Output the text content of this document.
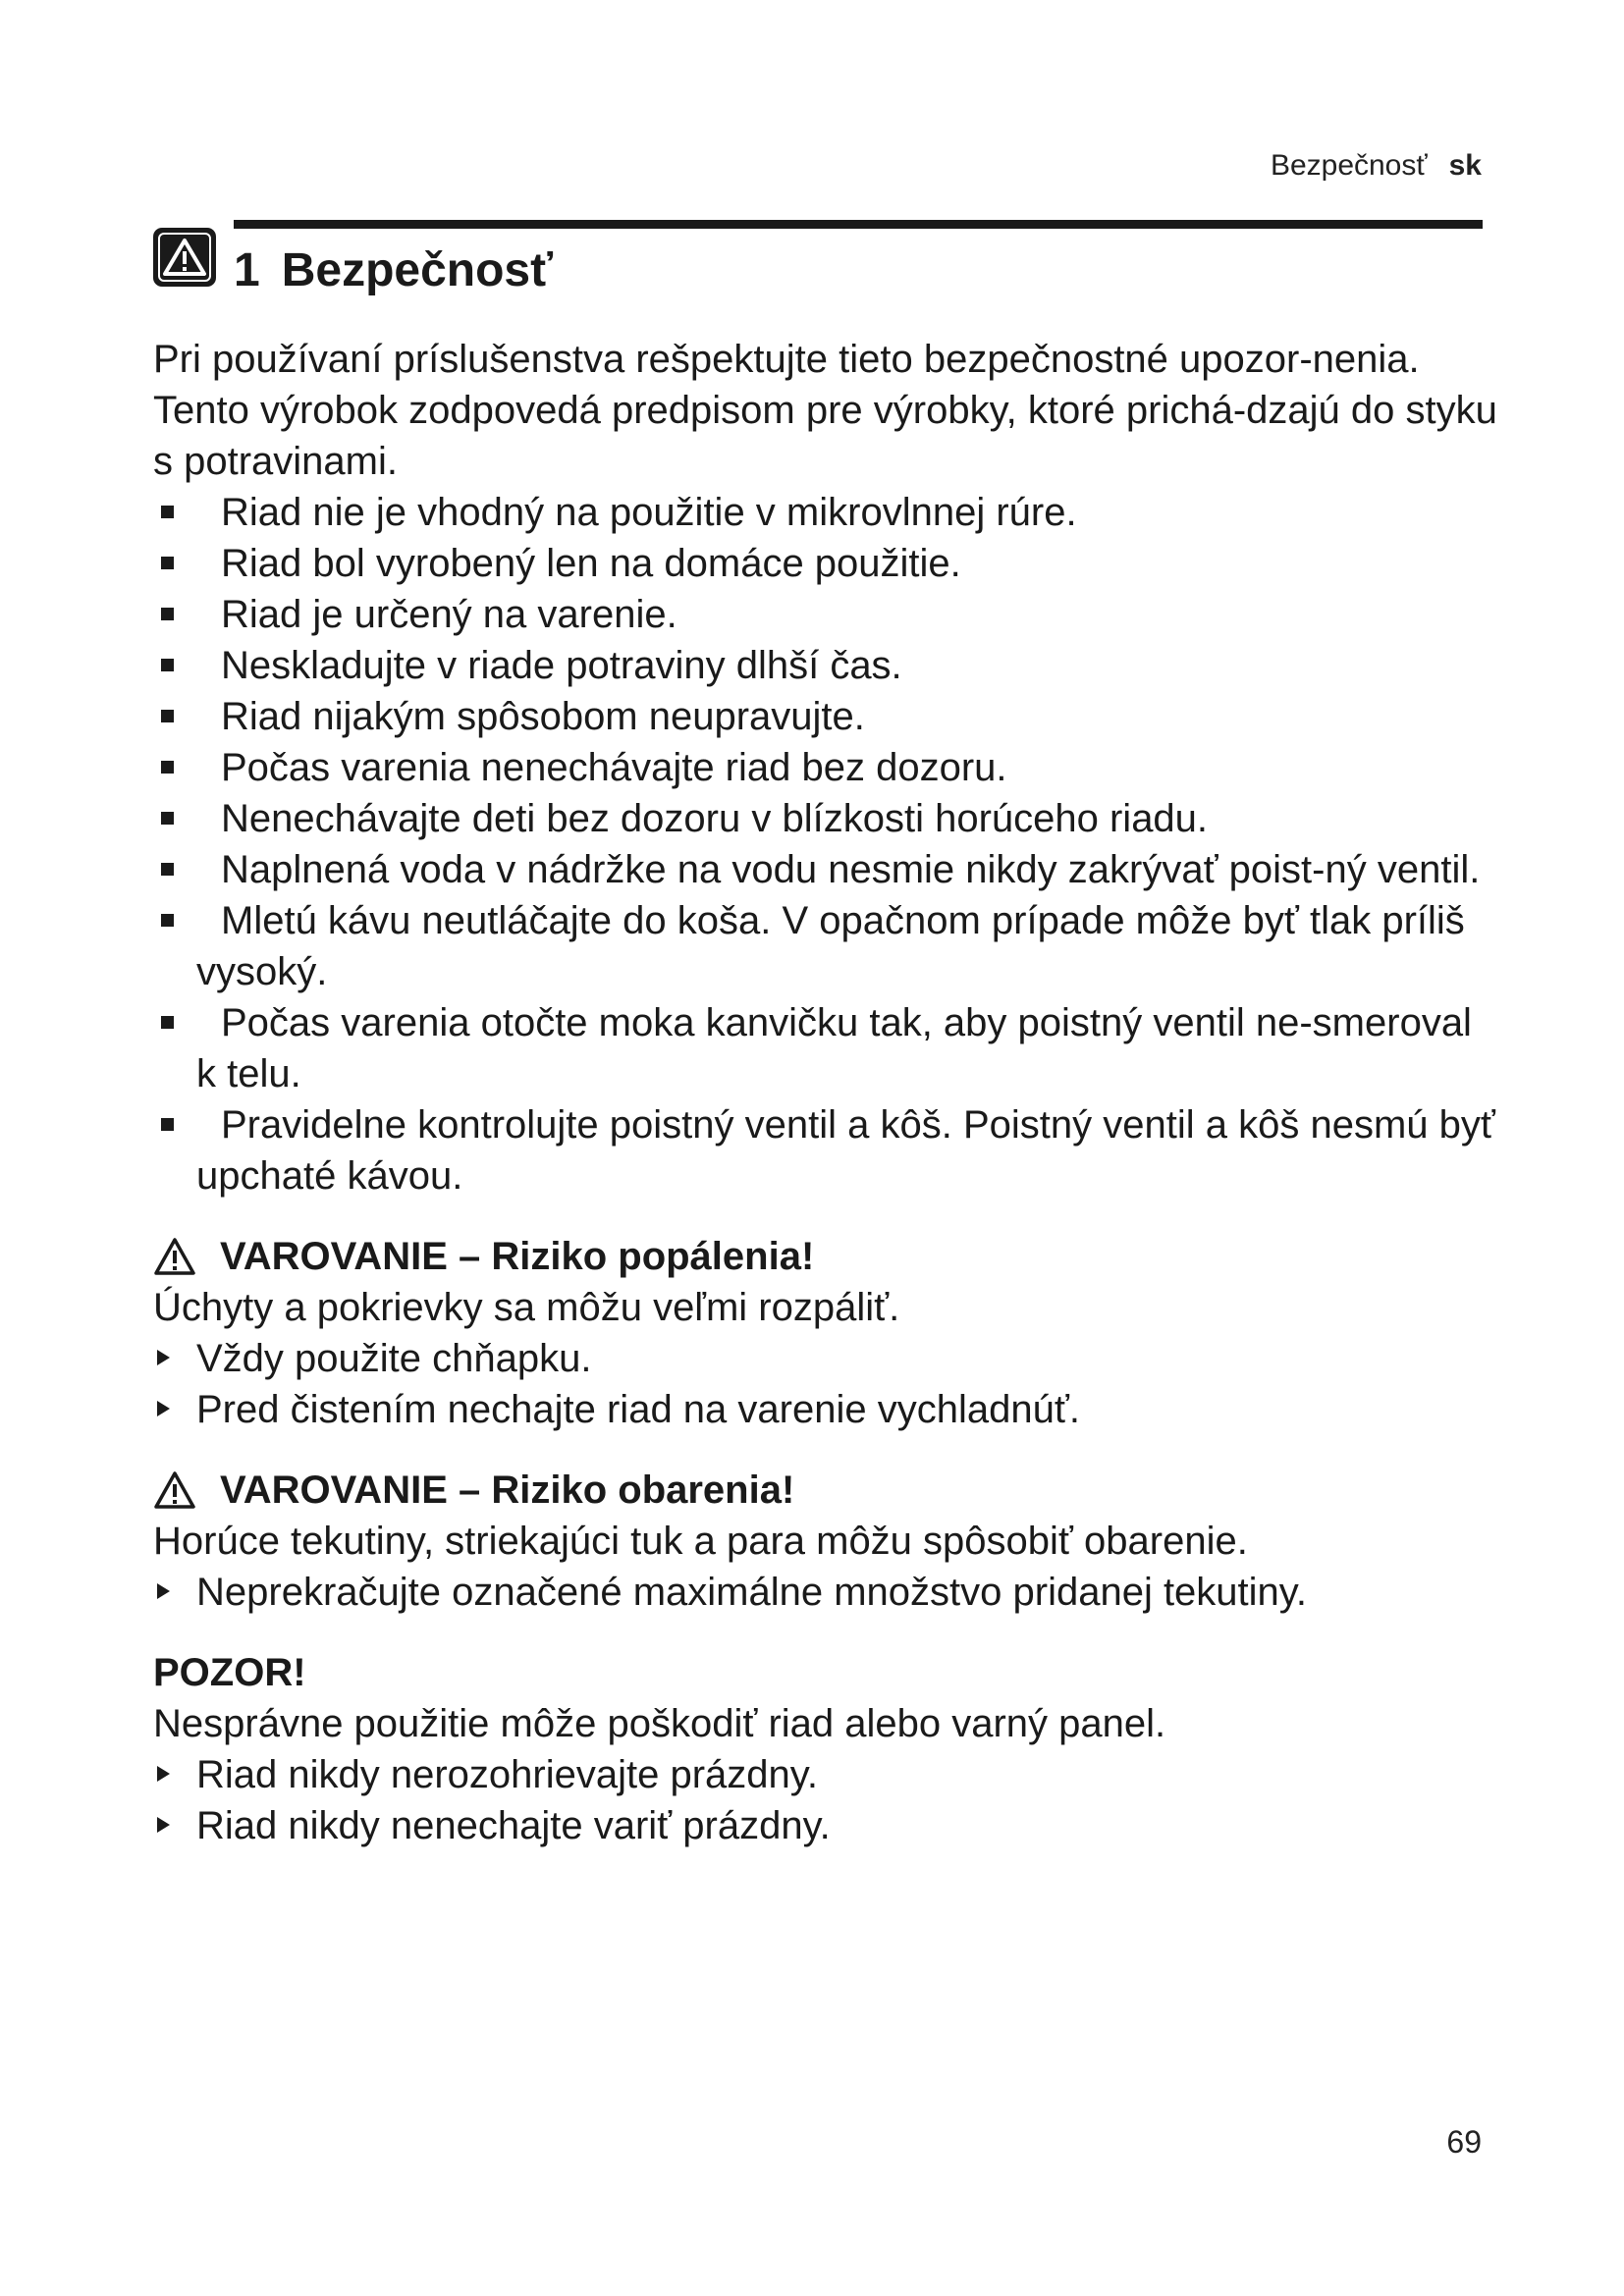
Bezpečnosť sk
1 Bezpečnosť

Pri používaní príslušenstva rešpektujte tieto bezpečnostné upozor-nenia.

Tento výrobok zodpovedá predpisom pre výrobky, ktoré prichá-dzajú do styku s potravinami.

Riad nie je vhodný na použitie v mikrovlnnej rúre.
Riad bol vyrobený len na domáce použitie.
Riad je určený na varenie.
Neskladujte v riade potraviny dlhší čas.
Riad nijakým spôsobom neupravujte.
Počas varenia nenechávajte riad bez dozoru.
Nenechávajte deti bez dozoru v blízkosti horúceho riadu.
Naplnená voda v nádržke na vodu nesmie nikdy zakrývať poist-ný ventil.
Mletú kávu neutláčajte do koša. V opačnom prípade môže byť tlak príliš vysoký.
Počas varenia otočte moka kanvičku tak, aby poistný ventil ne-smeroval k telu.
Pravidelne kontrolujte poistný ventil a kôš. Poistný ventil a kôš nesmú byť upchaté kávou.
VAROVANIE – Riziko popálenia!

Úchyty a pokrievky sa môžu veľmi rozpáliť.

Vždy použite chňapku.
Pred čistením nechajte riad na varenie vychladnúť.
VAROVANIE – Riziko obarenia!

Horúce tekutiny, striekajúci tuk a para môžu spôsobiť obarenie.

Neprekračujte označené maximálne množstvo pridanej tekutiny.
POZOR!

Nesprávne použitie môže poškodiť riad alebo varný panel.

Riad nikdy nerozohrievajte prázdny.
Riad nikdy nenechajte variť prázdny.
69
